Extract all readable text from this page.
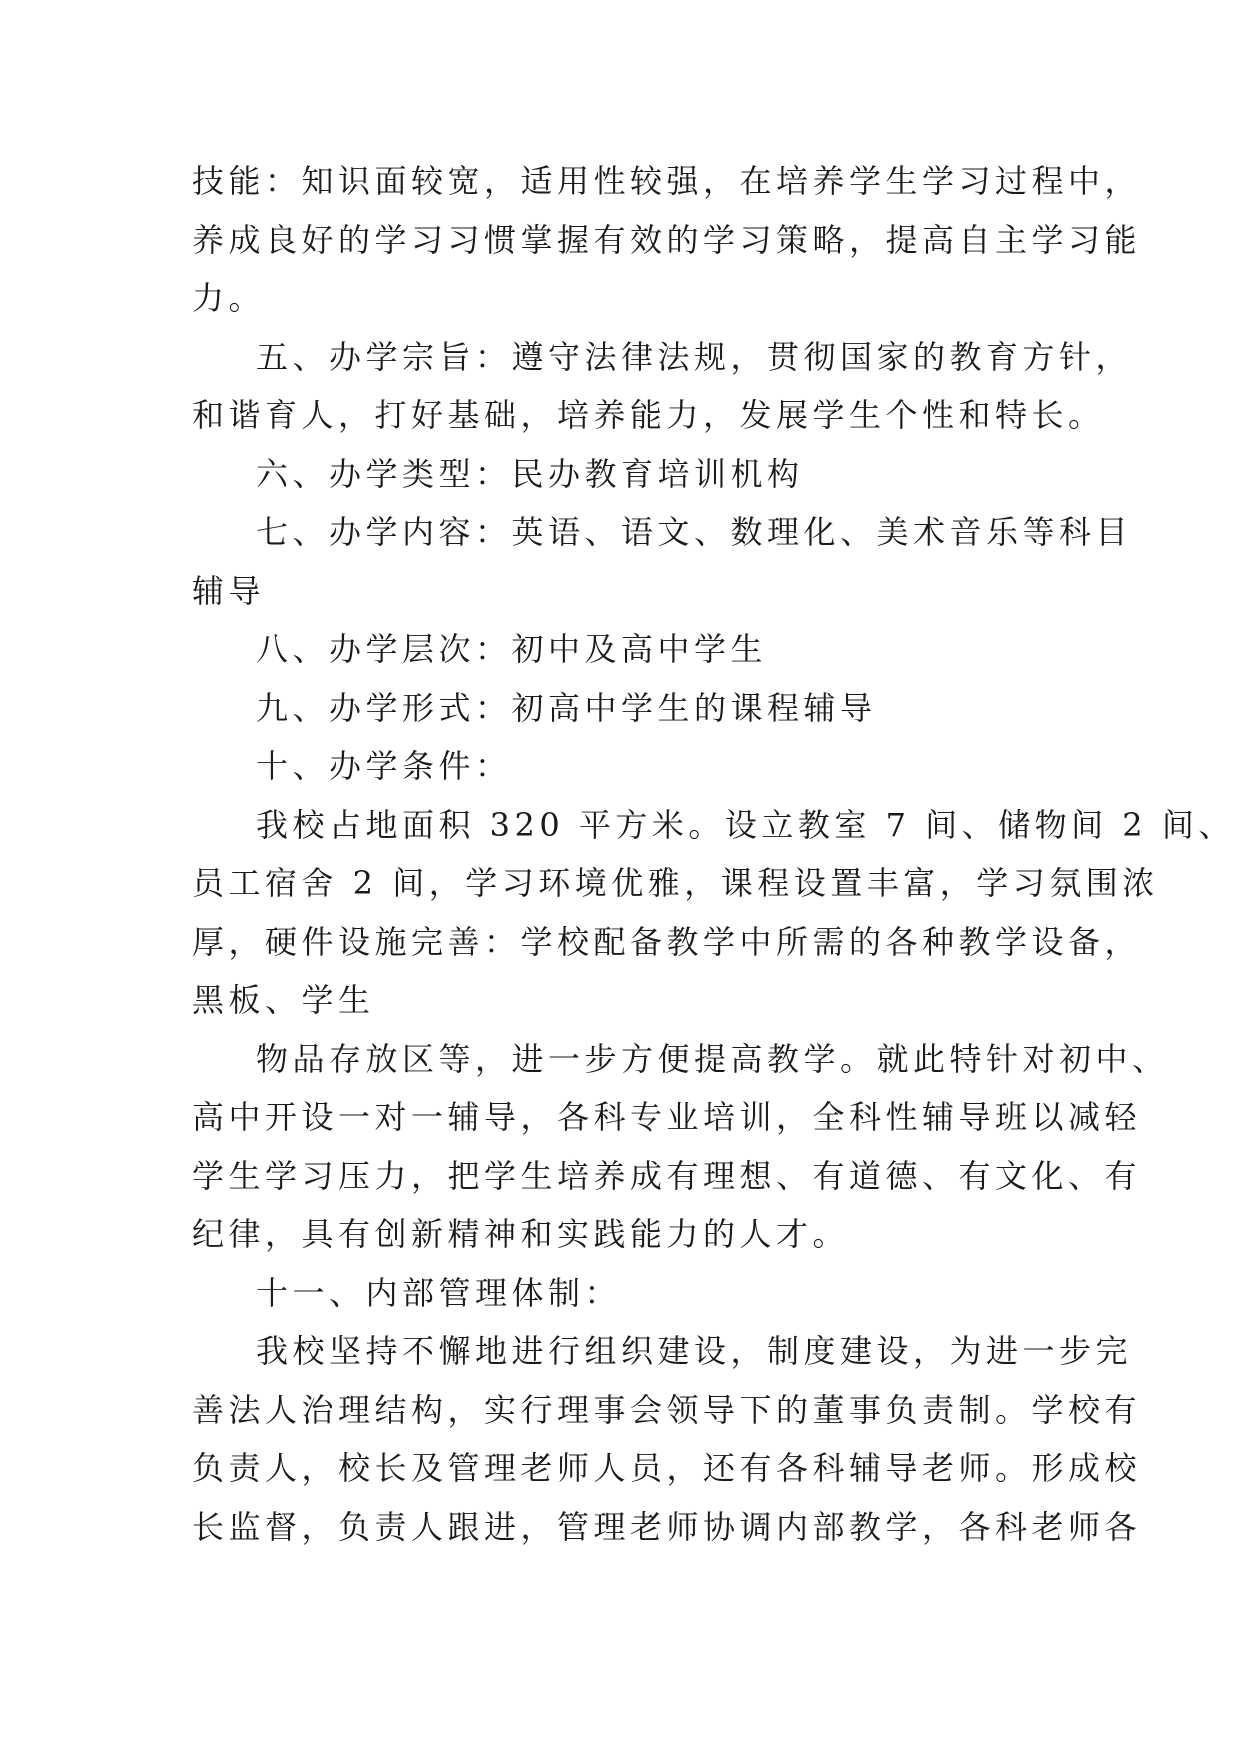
技能：知识面较宽，适用性较强，在培养学生学习过程中，

养成良好的学习习惯掌握有效的学习策略，提高自主学习能

力。

五、办学宗旨：遵守法律法规，贯彻国家的教育方针，

和谐育人，打好基础，培养能力，发展学生个性和特长。

六、办学类型：民办教育培训机构

七、办学内容：英语、语文、数理化、美术音乐等科目

辅导

八、办学层次：初中及高中学生

九、办学形式：初高中学生的课程辅导

十、办学条件：

我校占地面积 320 平方米。设立教室 7 间、储物间 2 间、

员工宿舍 2 间，学习环境优雅，课程设置丰富，学习氛围浓

厚，硬件设施完善：学校配备教学中所需的各种教学设备，

黑板、学生

物品存放区等，进一步方便提高教学。就此特针对初中、

高中开设一对一辅导，各科专业培训，全科性辅导班以减轻

学生学习压力，把学生培养成有理想、有道德、有文化、有

纪律，具有创新精神和实践能力的人才。

十一、内部管理体制：

我校坚持不懈地进行组织建设，制度建设，为进一步完

善法人治理结构，实行理事会领导下的董事负责制。学校有

负责人，校长及管理老师人员，还有各科辅导老师。形成校

长监督，负责人跟进，管理老师协调内部教学，各科老师各
